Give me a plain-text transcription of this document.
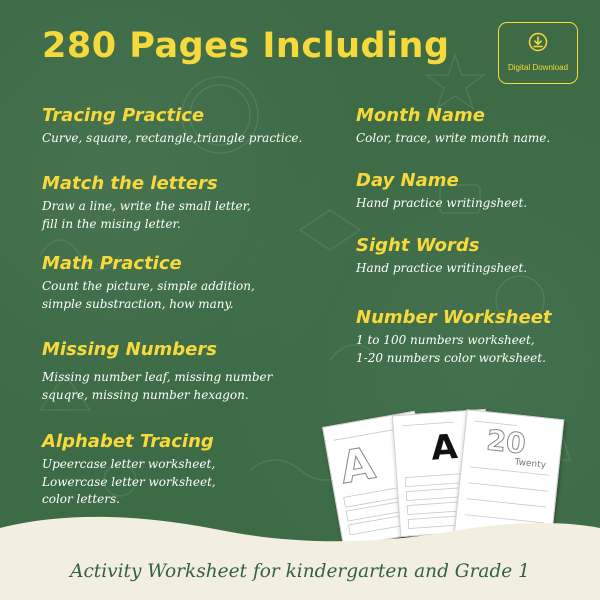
280 Pages Including
Digital Download
Tracing Practice

Curve, square, rectangle,triangle practice.

Match the letters

Draw a line, write the small letter,
fill in the mising letter.

Math Practice

Count the picture, simple addition,
simple substraction, how many.

Missing Numbers

Missing number leaf, missing number
squqre, missing number hexagon.

Alphabet Tracing

Upeercase letter worksheet,
Lowercase letter worksheet,
color letters.

Month Name

Color, trace, write month name.

Day Name

Hand practice writingsheet.

Sight Words

Hand practice writingsheet.

Number Worksheet

1 to 100 numbers worksheet,
1-20 numbers color worksheet.

A A 20
Twenty

Activity Worksheet for kindergarten and Grade 1
